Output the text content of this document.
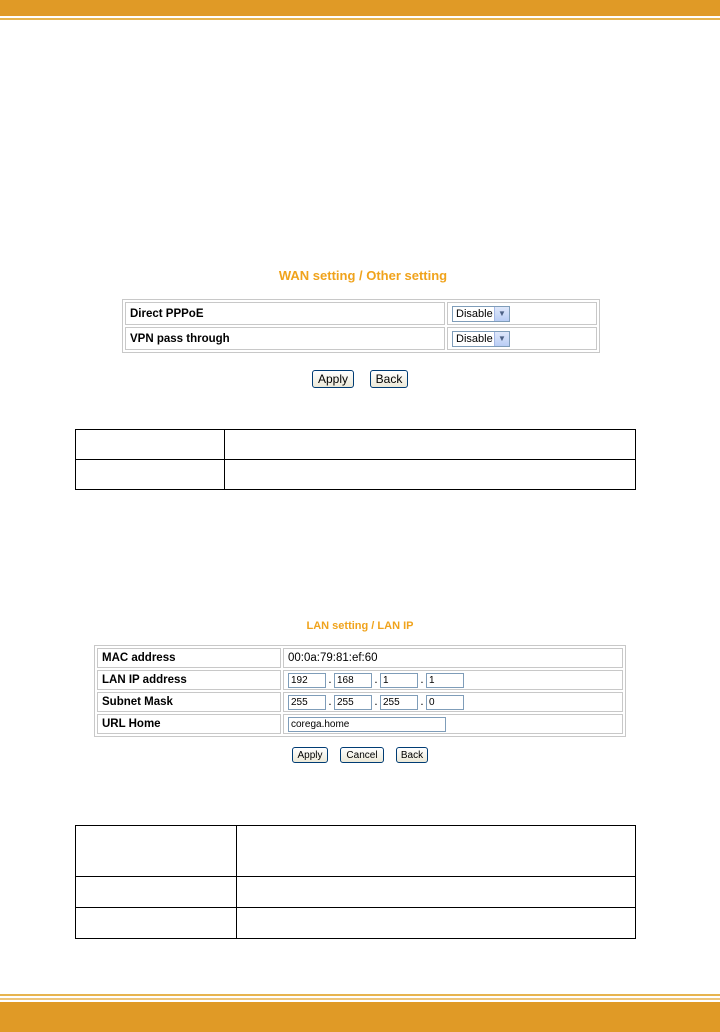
WAN setting / Other setting
Direct PPPoE	Disable ▼

VPN pass through	Disable ▼
Apply	Back

LAN setting / LAN IP
MAC address	00:0a:79:81:ef:60
LAN IP address	192 . 168 . 1 . 1
Subnet Mask	255 . 255 . 255 . 0
URL Home	corega.home
Apply	Cancel	Back
